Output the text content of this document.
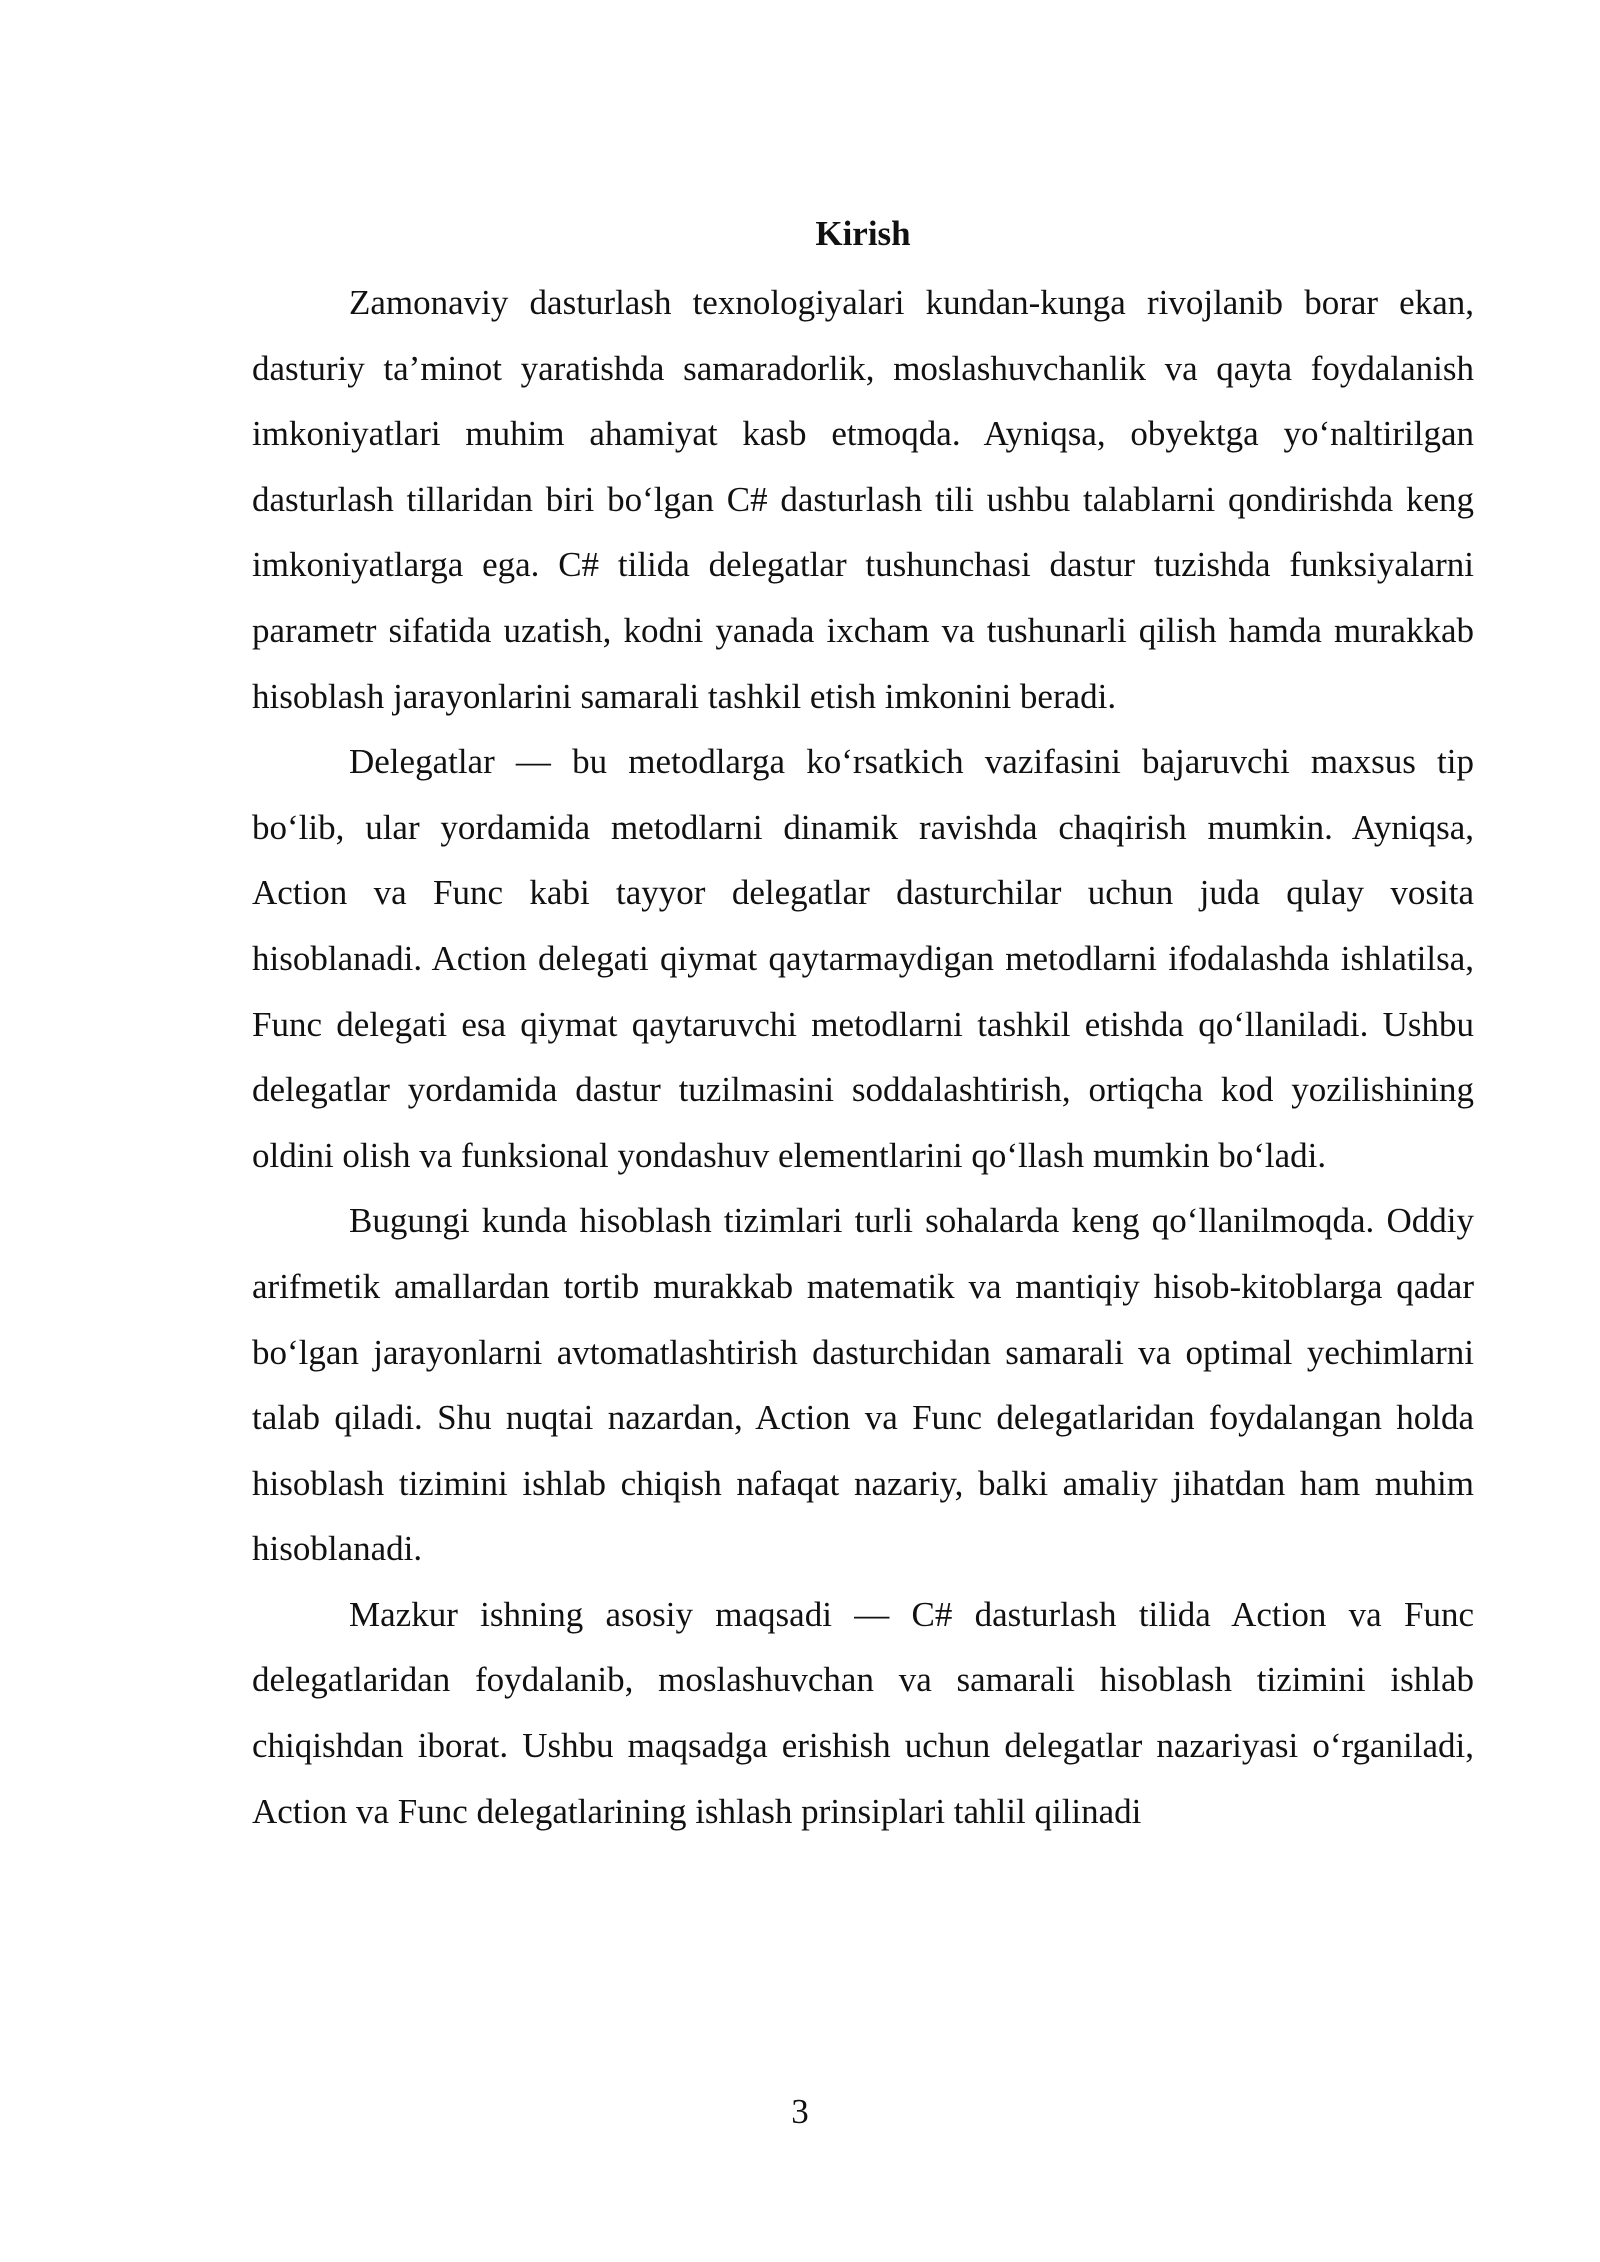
Kirish

Zamonaviy dasturlash texnologiyalari kundan-kunga rivojlanib borar ekan, dasturiy ta’minot yaratishda samaradorlik, moslashuvchanlik va qayta foydalanish imkoniyatlari muhim ahamiyat kasb etmoqda. Ayniqsa, obyektga yo‘naltirilgan dasturlash tillaridan biri bo‘lgan C# dasturlash tili ushbu talablarni qondirishda keng imkoniyatlarga ega. C# tilida delegatlar tushunchasi dastur tuzishda funksiyalarni parametr sifatida uzatish, kodni yanada ixcham va tushunarli qilish hamda murakkab hisoblash jarayonlarini samarali tashkil etish imkonini beradi.

Delegatlar — bu metodlarga ko‘rsatkich vazifasini bajaruvchi maxsus tip bo‘lib, ular yordamida metodlarni dinamik ravishda chaqirish mumkin. Ayniqsa, Action va Func kabi tayyor delegatlar dasturchilar uchun juda qulay vosita hisoblanadi. Action delegati qiymat qaytarmaydigan metodlarni ifodalashda ishlatilsa, Func delegati esa qiymat qaytaruvchi metodlarni tashkil etishda qo‘llaniladi. Ushbu delegatlar yordamida dastur tuzilmasini soddalashtirish, ortiqcha kod yozilishining oldini olish va funksional yondashuv elementlarini qo‘llash mumkin bo‘ladi.

Bugungi kunda hisoblash tizimlari turli sohalarda keng qo‘llanilmoqda. Oddiy arifmetik amallardan tortib murakkab matematik va mantiqiy hisob-kitoblarga qadar bo‘lgan jarayonlarni avtomatlashtirish dasturchidan samarali va optimal yechimlarni talab qiladi. Shu nuqtai nazardan, Action va Func delegatlaridan foydalangan holda hisoblash tizimini ishlab chiqish nafaqat nazariy, balki amaliy jihatdan ham muhim hisoblanadi.

Mazkur ishning asosiy maqsadi — C# dasturlash tilida Action va Func delegatlaridan foydalanib, moslashuvchan va samarali hisoblash tizimini ishlab chiqishdan iborat. Ushbu maqsadga erishish uchun delegatlar nazariyasi o‘rganiladi, Action va Func delegatlarining ishlash prinsiplari tahlil qilinadi

3
